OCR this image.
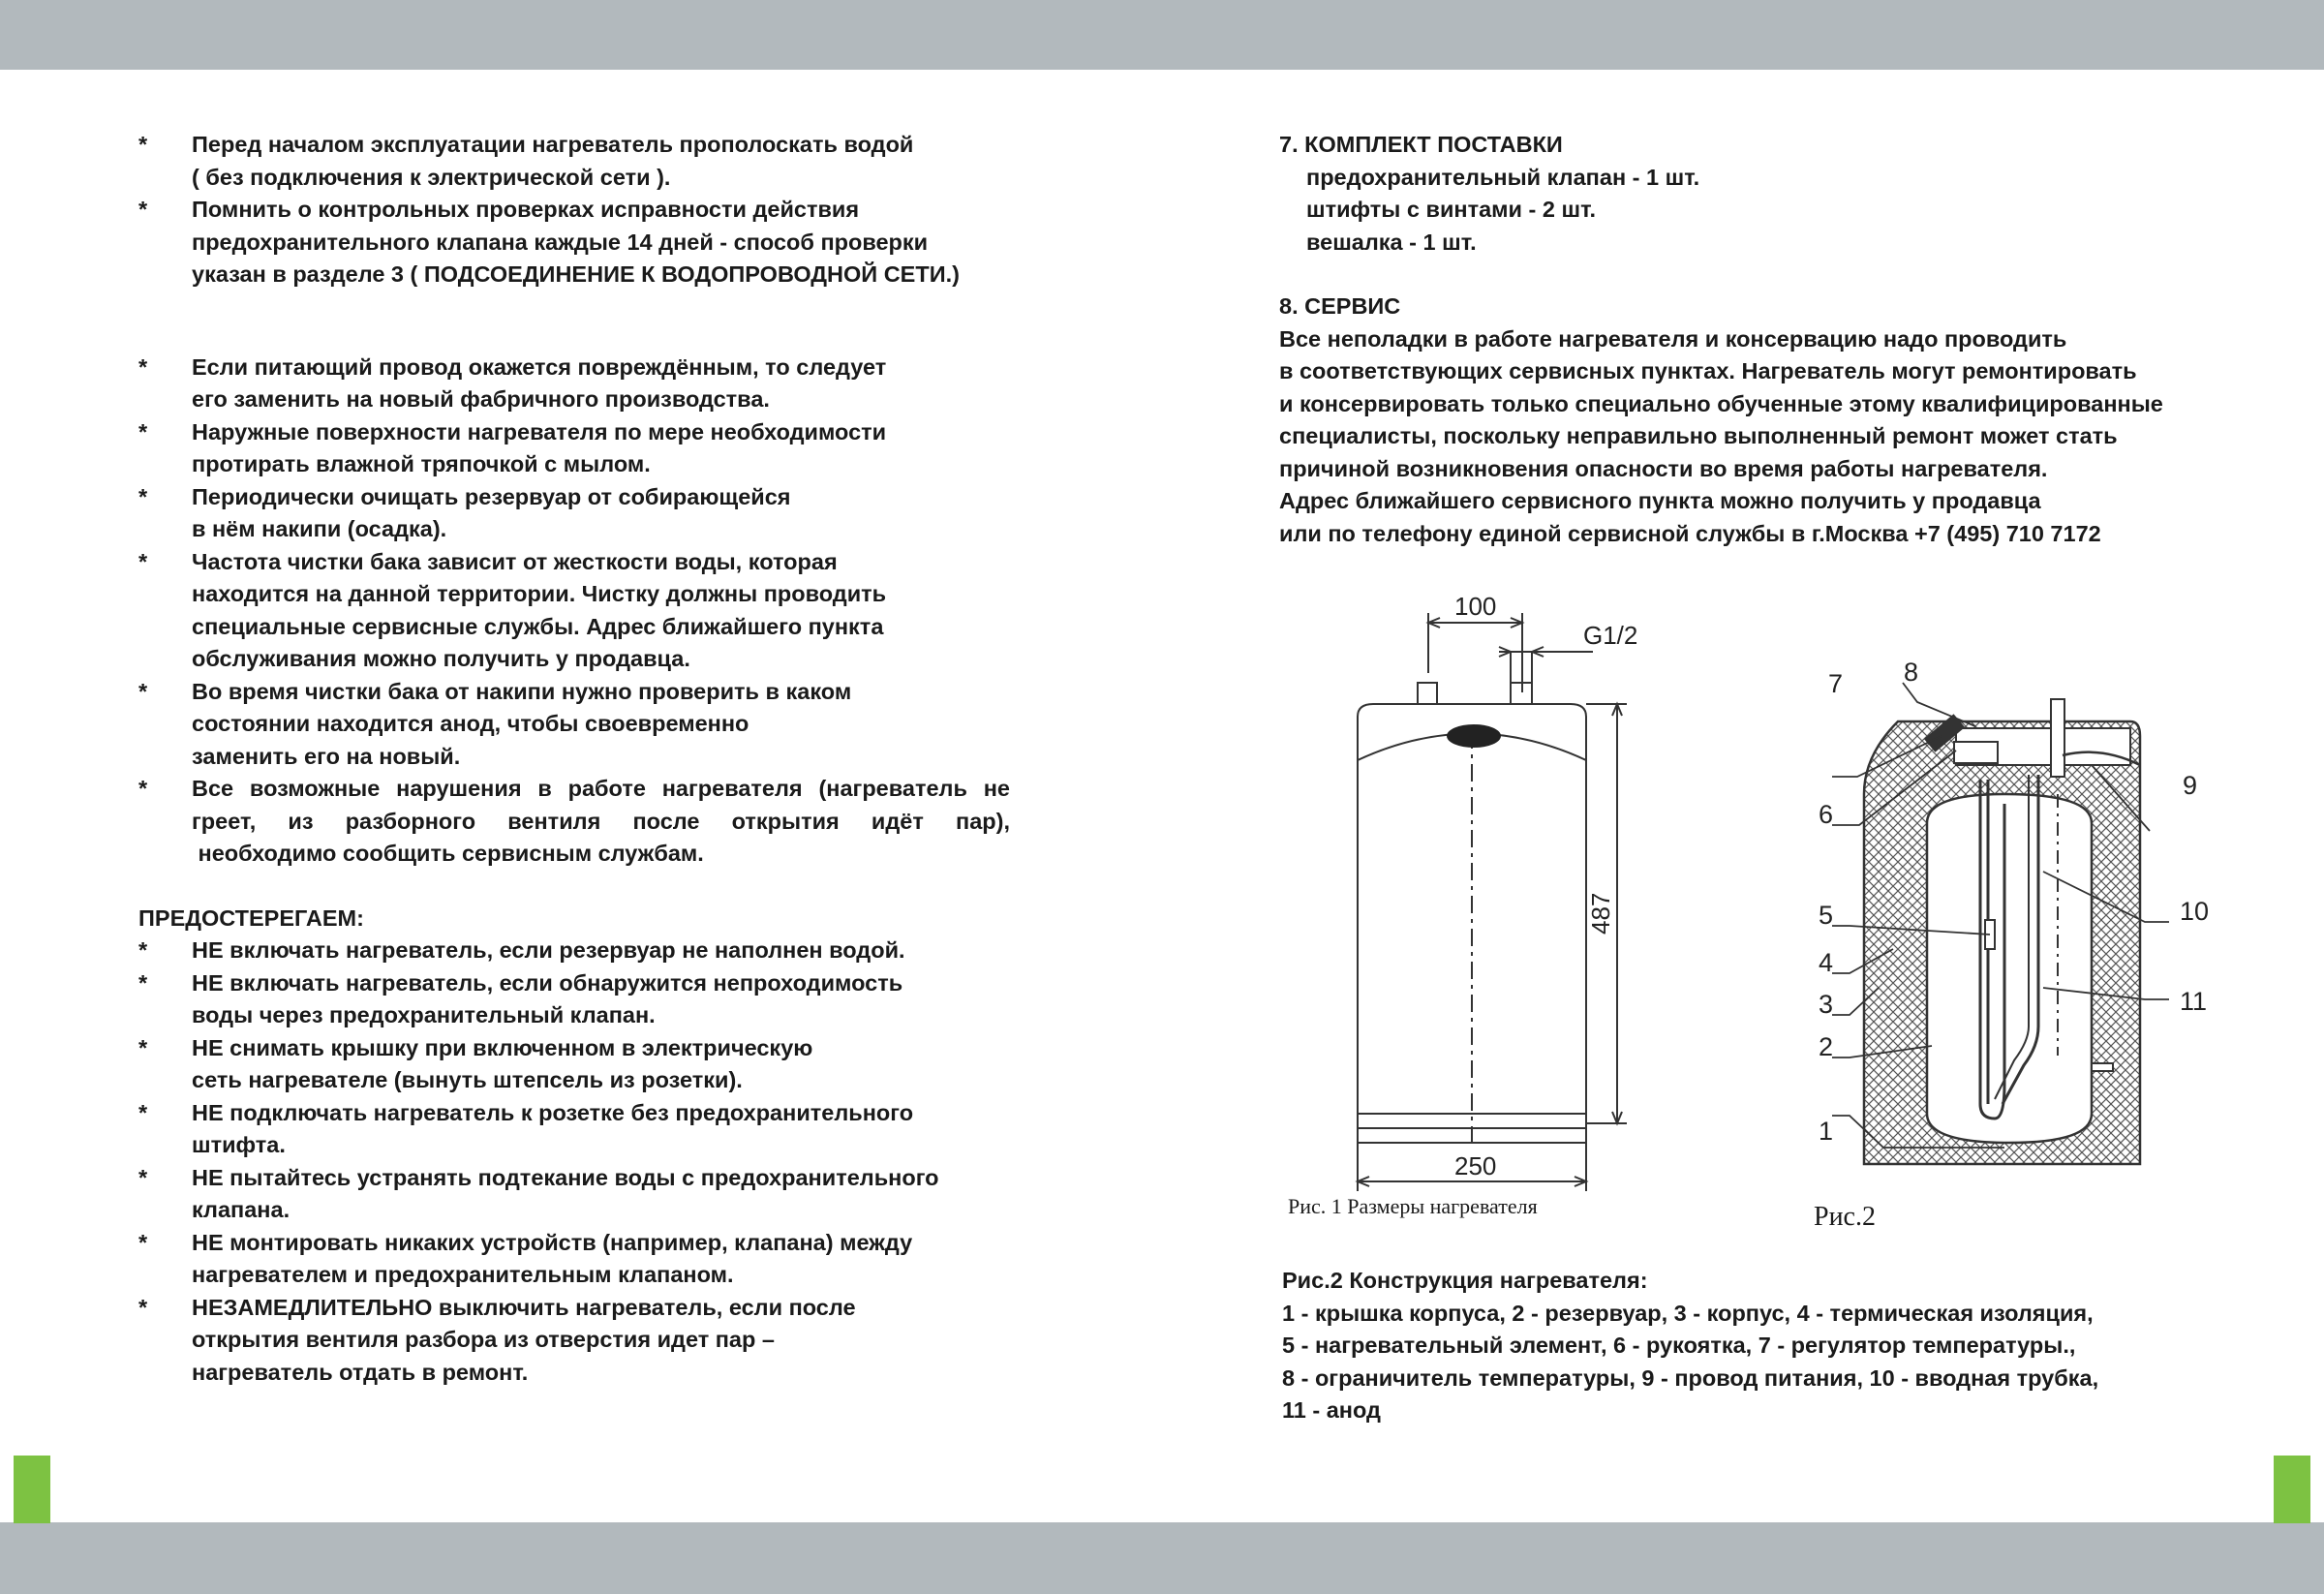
*	Перед началом эксплуатации нагреватель прополоскать водой
( без подключения к электрической сети ).
*	Помнить о контрольных проверках исправности действия
предохранительного клапана каждые 14 дней - способ проверки
указан в разделе 3 ( ПОДСОЕДИНЕНИЕ К ВОДОПРОВОДНОЙ СЕТИ.)
*	Если питающий провод окажется повреждённым, то следует
его заменить на новый фабричного производства.
*	Наружные поверхности нагревателя по мере необходимости
протирать влажной тряпочкой с мылом.
*	Периодически очищать резервуар от собирающейся
в нём накипи (осадка).
*	Частота чистки бака зависит от жесткости воды, которая
находится на данной территории. Чистку должны проводить
специальные сервисные службы. Адрес ближайшего пункта
обслуживания можно получить у продавца.
*	Во время чистки бака от накипи нужно проверить в каком
состоянии находится анод, чтобы своевременно
заменить его на новый.
*	Все возможные нарушения в работе нагревателя (нагреватель не греет, из разборного вентиля после открытия идёт пар),
необходимо сообщить сервисным службам.
ПРЕДОСТЕРЕГАЕМ:
*	НЕ включать нагреватель, если резервуар не наполнен водой.
*	НЕ включать нагреватель, если обнаружится непроходимость
воды через предохранительный клапан.
*	НЕ снимать крышку при включенном в электрическую
сеть нагревателе (вынуть штепсель из розетки).
*	НЕ подключать нагреватель к розетке без предохранительного штифта.
*	НЕ пытайтесь устранять подтекание воды с предохранительного
клапана.
*	НЕ монтировать никаких устройств (например, клапана) между
нагревателем и предохранительным клапаном.
*	НЕЗАМЕДЛИТЕЛЬНО выключить нагреватель, если после
открытия вентиля разбора из отверстия идет пар –
нагреватель отдать в ремонт.
7. КОМПЛЕКТ ПОСТАВКИ
предохранительный клапан - 1 шт.
штифты с винтами - 2 шт.
вешалка - 1 шт.
8. СЕРВИС
Все неполадки в работе нагревателя и консервацию надо проводить
в соответствующих сервисных пунктах. Нагреватель могут ремонтировать
и консервировать только специально обученные этому квалифицированные
специалисты, поскольку неправильно выполненный ремонт может стать
причиной возникновения опасности во время работы нагревателя.
Адрес ближайшего сервисного пункта можно получить у продавца
или по телефону единой сервисной службы в г.Москва +7 (495) 710 7172
100
G1/2
487
250
Рис. 1 Размеры нагревателя
1
2
3
4
5
6
7 8
9
10
11
Рис.2
Рис.2 Конструкция нагревателя:
1 - крышка корпуса, 2 - резервуар, 3 - корпус, 4 - термическая изоляция,
5 - нагревательный элемент, 6 - рукоятка, 7 - регулятор температуры.,
8 - ограничитель температуры, 9 - провод питания, 10 - вводная трубка,
11 - анод
